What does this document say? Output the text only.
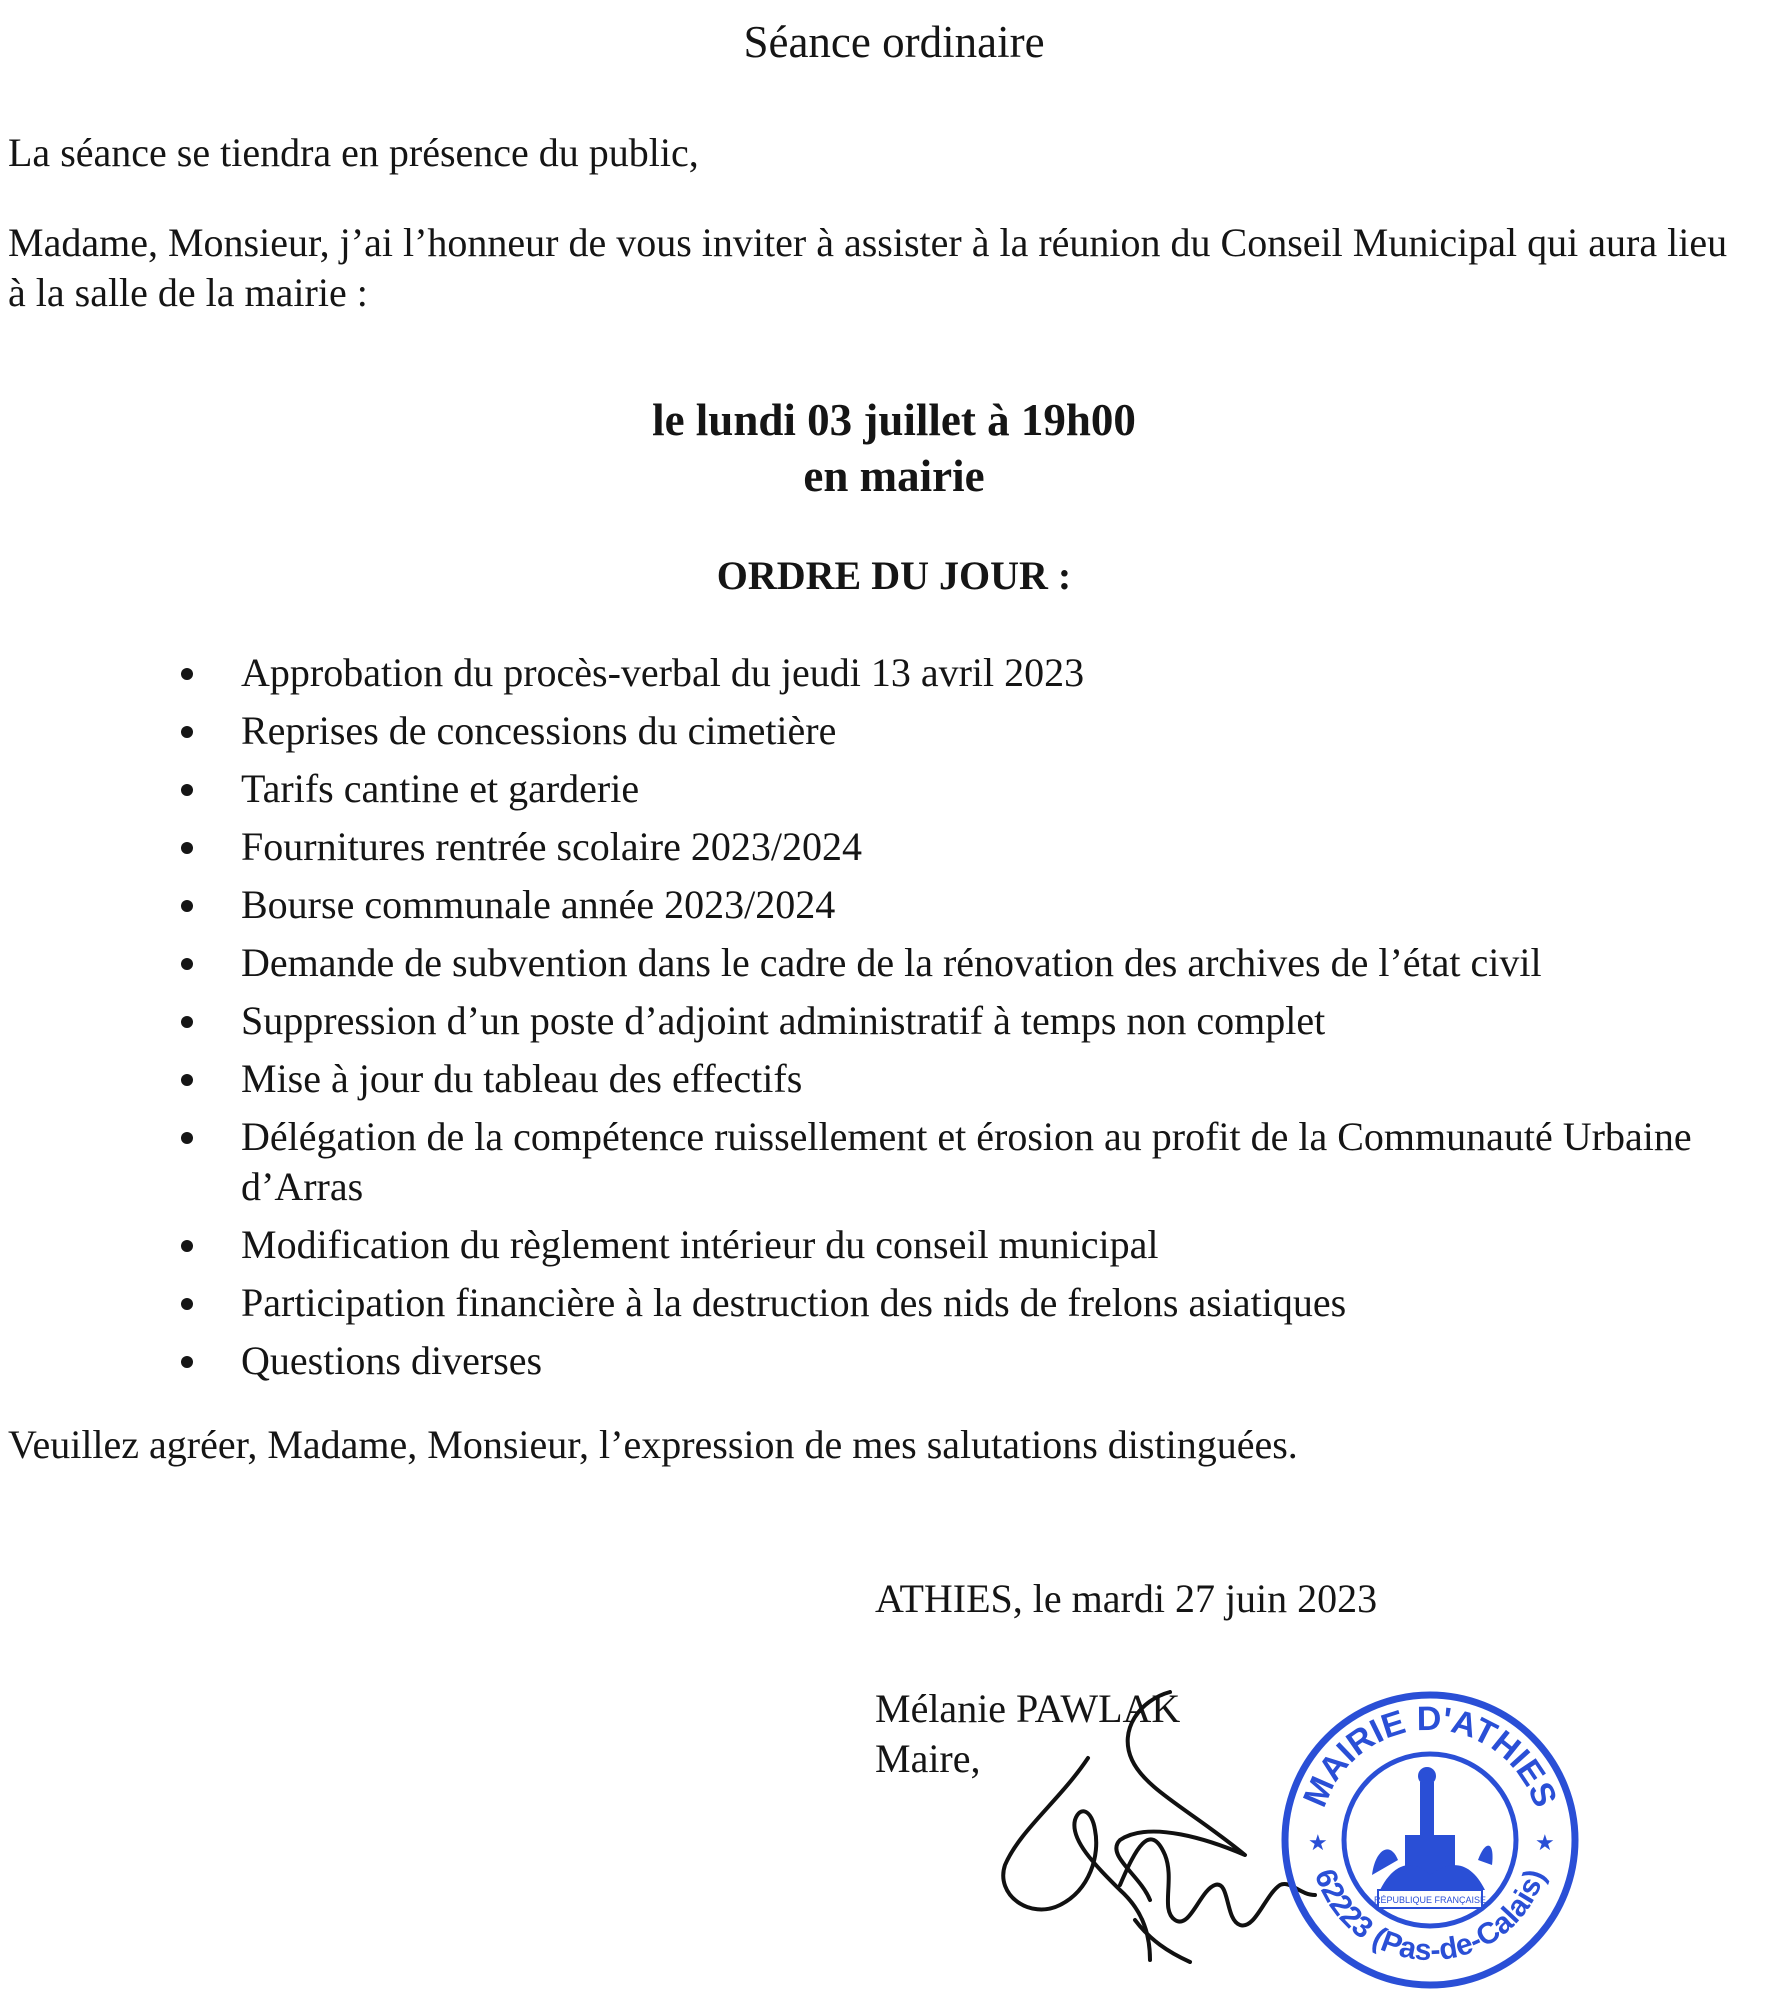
Séance ordinaire
La séance se tiendra en présence du public,
Madame, Monsieur, j’ai l’honneur de vous inviter à assister à la réunion du Conseil Municipal qui aura lieu à la salle de la mairie :
le lundi 03 juillet à 19h00
en mairie
ORDRE DU JOUR :
Approbation du procès-verbal du jeudi 13 avril 2023
Reprises de concessions du cimetière
Tarifs cantine et garderie
Fournitures rentrée scolaire 2023/2024
Bourse communale année 2023/2024
Demande de subvention dans le cadre de la rénovation des archives de l’état civil
Suppression d’un poste d’adjoint administratif à temps non complet
Mise à jour du tableau des effectifs
Délégation de la compétence ruissellement et érosion au profit de la Communauté Urbaine d’Arras
Modification du règlement intérieur du conseil municipal
Participation financière à la destruction des nids de frelons asiatiques
Questions diverses
Veuillez agréer, Madame, Monsieur, l’expression de mes salutations distinguées.
ATHIES, le mardi 27 juin 2023
Mélanie PAWLAK
Maire,
MAIRIE D'ATHIES
62223 (Pas-de-Calais)
★	★
RÉPUBLIQUE FRANÇAISE
